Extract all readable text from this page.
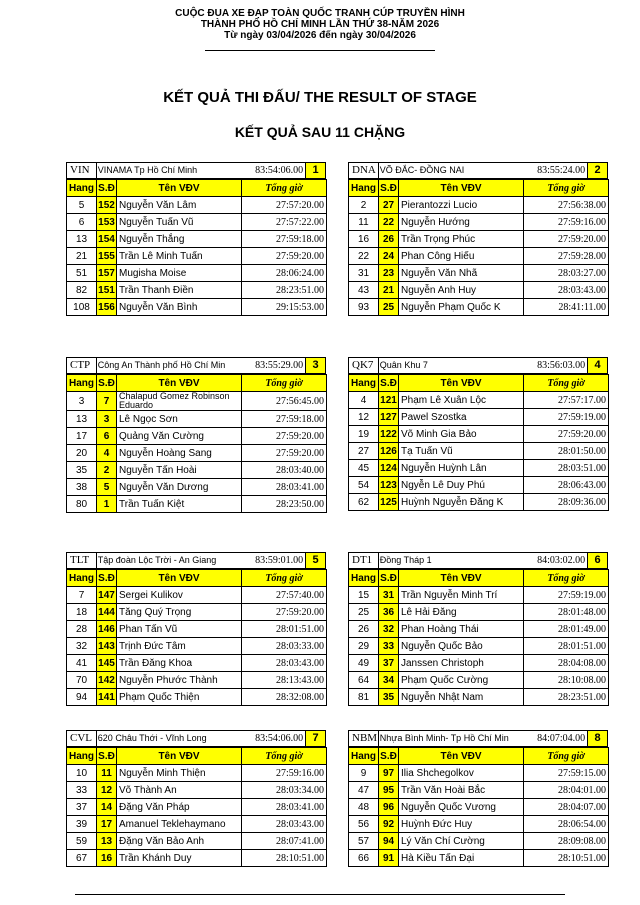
CUỘC ĐUA XE ĐẠP TOÀN QUỐC TRANH CÚP TRUYỀN HÌNH
THÀNH PHỐ HỒ CHÍ MINH LẦN THỨ 38-NĂM 2026
Từ ngày 03/04/2026 đến ngày 30/04/2026
KẾT QUẢ THI ĐẤU/ THE RESULT OF STAGE
KẾT QUẢ SAU 11 CHẶNG
VIN VINAMA Tp Hồ Chí Minh	83:54:06.00 1
Hang	S.Đ	Tên VĐV	Tổng giờ
5	152	Nguyễn Văn Lâm	27:57:20.00
6	153	Nguyễn Tuấn Vũ	27:57:22.00
13	154	Nguyễn Thắng	27:59:18.00
21	155	Trần Lê Minh Tuấn	27:59:20.00
51	157	Mugisha Moise	28:06:24.00
82	151	Trần Thanh Điền	28:23:51.00
108	156	Nguyễn Văn Bình	29:15:53.00
DNA VÕ ĐẮC- ĐỒNG NAI	83:55:24.00 2
Hang	S.Đ	Tên VĐV	Tổng giờ
2	27	Pierantozzi Lucio	27:56:38.00
11	22	Nguyễn Hướng	27:59:16.00
16	26	Trần Trọng Phúc	27:59:20.00
22	24	Phan Công Hiếu	27:59:28.00
31	23	Nguyễn Văn Nhã	28:03:27.00
43	21	Nguyễn Anh Huy	28:03:43.00
93	25	Nguyễn Phạm Quốc K	28:41:11.00
CTP Công An Thành phố Hồ Chí Min	83:55:29.00 3
Hang	S.Đ	Tên VĐV	Tổng giờ
3	7	Chalapud Gomez Robinson Eduardo	27:56:45.00
13	3	Lê Ngọc Sơn	27:59:18.00
17	6	Quảng Văn Cường	27:59:20.00
20	4	Nguyễn Hoàng Sang	27:59:20.00
35	2	Nguyễn Tấn Hoài	28:03:40.00
38	5	Nguyễn Văn Dương	28:03:41.00
80	1	Trần Tuấn Kiệt	28:23:50.00
QK7 Quân Khu 7	83:56:03.00 4
Hang	S.Đ	Tên VĐV	Tổng giờ
4	121	Phạm Lê Xuân Lộc	27:57:17.00
12	127	Pawel Szostka	27:59:19.00
19	122	Võ Minh Gia Bảo	27:59:20.00
27	126	Tạ Tuấn Vũ	28:01:50.00
45	124	Nguyễn Huỳnh Lân	28:03:51.00
54	123	Ngyễn Lê Duy Phú	28:06:43.00
62	125	Huỳnh Nguyễn Đăng K	28:09:36.00
TLT Tập đoàn Lộc Trời - An Giang	83:59:01.00 5
Hang	S.Đ	Tên VĐV	Tổng giờ
7	147	Sergei Kulikov	27:57:40.00
18	144	Tăng Quý Trọng	27:59:20.00
28	146	Phan Tấn Vũ	28:01:51.00
32	143	Trịnh Đức Tâm	28:03:33.00
41	145	Trần Đăng Khoa	28:03:43.00
70	142	Nguyễn Phước Thành	28:13:43.00
94	141	Phạm Quốc Thiện	28:32:08.00
DT1 Đồng Tháp 1	84:03:02.00 6
Hang	S.Đ	Tên VĐV	Tổng giờ
15	31	Trần Nguyễn Minh Trí	27:59:19.00
25	36	Lê Hải Đăng	28:01:48.00
26	32	Phan Hoàng Thái	28:01:49.00
29	33	Nguyễn Quốc Bảo	28:01:51.00
49	37	Janssen Christoph	28:04:08.00
64	34	Phạm Quốc Cường	28:10:08.00
81	35	Nguyễn Nhật Nam	28:23:51.00
CVL 620 Châu Thới - Vĩnh Long	83:54:06.00 7
Hang	S.Đ	Tên VĐV	Tổng giờ
10	11	Nguyễn Minh Thiện	27:59:16.00
33	12	Võ Thành An	28:03:34.00
37	14	Đặng Văn Pháp	28:03:41.00
39	17	Amanuel Teklehaymano	28:03:43.00
59	13	Đặng Văn Bảo Anh	28:07:41.00
67	16	Trần Khánh Duy	28:10:51.00
NBM Nhựa Bình Minh- Tp Hồ Chí Min	84:07:04.00 8
Hang	S.Đ	Tên VĐV	Tổng giờ
9	97	Ilia Shchegolkov	27:59:15.00
47	95	Trần Văn Hoài Bắc	28:04:01.00
48	96	Nguyễn Quốc Vương	28:04:07.00
56	92	Huỳnh Đức Huy	28:06:54.00
57	94	Lý Văn Chí Cường	28:09:08.00
66	91	Hà Kiều Tấn Đại	28:10:51.00
